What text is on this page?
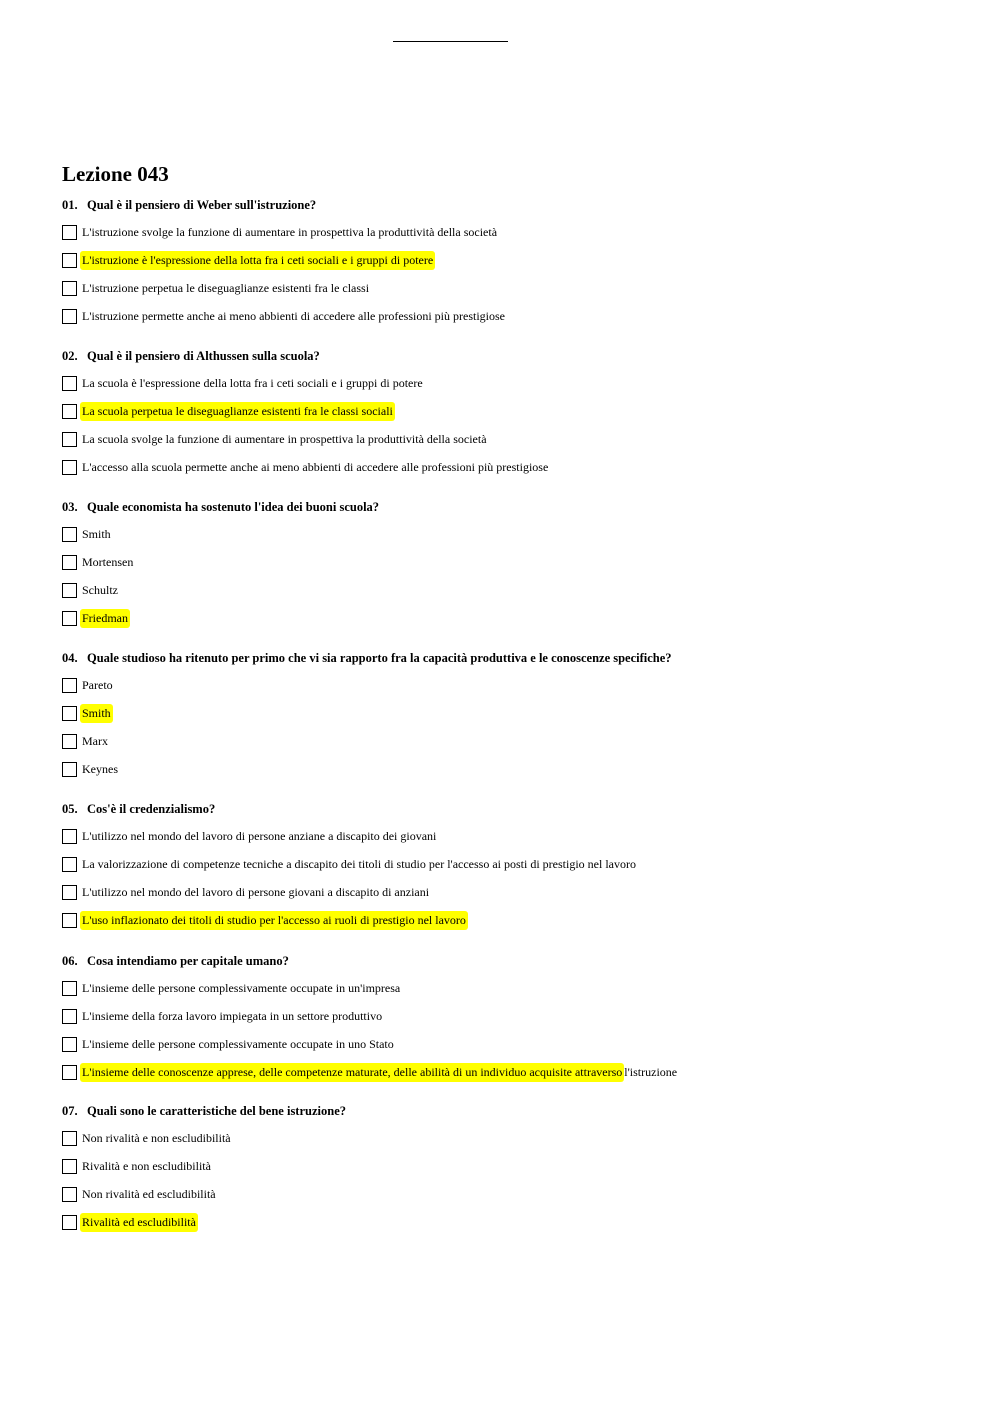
Lezione 043
01. Qual è il pensiero di Weber sull'istruzione?
L'istruzione svolge la funzione di aumentare in prospettiva la produttività della società
L'istruzione è l'espressione della lotta fra i ceti sociali e i gruppi di potere
L'istruzione perpetua le diseguaglianze esistenti fra le classi
L'istruzione permette anche ai meno abbienti di accedere alle professioni più prestigiose
02. Qual è il pensiero di Althussen sulla scuola?
La scuola è l'espressione della lotta fra i ceti sociali e i gruppi di potere
La scuola perpetua le diseguaglianze esistenti fra le classi sociali
La scuola svolge la funzione di aumentare in prospettiva la produttività della società
L'accesso alla scuola permette anche ai meno abbienti di accedere alle professioni più prestigiose
03. Quale economista ha sostenuto l'idea dei buoni scuola?
Smith
Mortensen
Schultz
Friedman
04. Quale studioso ha ritenuto per primo che vi sia rapporto fra la capacità produttiva e le conoscenze specifiche?
Pareto
Smith
Marx
Keynes
05. Cos'è il credenzialismo?
L'utilizzo nel mondo del lavoro di persone anziane a discapito dei giovani
La valorizzazione di competenze tecniche a discapito dei titoli di studio per l'accesso ai posti di prestigio nel lavoro
L'utilizzo nel mondo del lavoro di persone giovani a discapito di anziani
L'uso inflazionato dei titoli di studio per l'accesso ai ruoli di prestigio nel lavoro
06. Cosa intendiamo per capitale umano?
L'insieme delle persone complessivamente occupate in un'impresa
L'insieme della forza lavoro impiegata in un settore produttivo
L'insieme delle persone complessivamente occupate in uno Stato
L'insieme delle conoscenze apprese, delle competenze maturate, delle abilità di un individuo acquisite attraverso l'istruzione
07. Quali sono le caratteristiche del bene istruzione?
Non rivalità e non escludibilità
Rivalità e non escludibilità
Non rivalità ed escludibilità
Rivalità ed escludibilità
